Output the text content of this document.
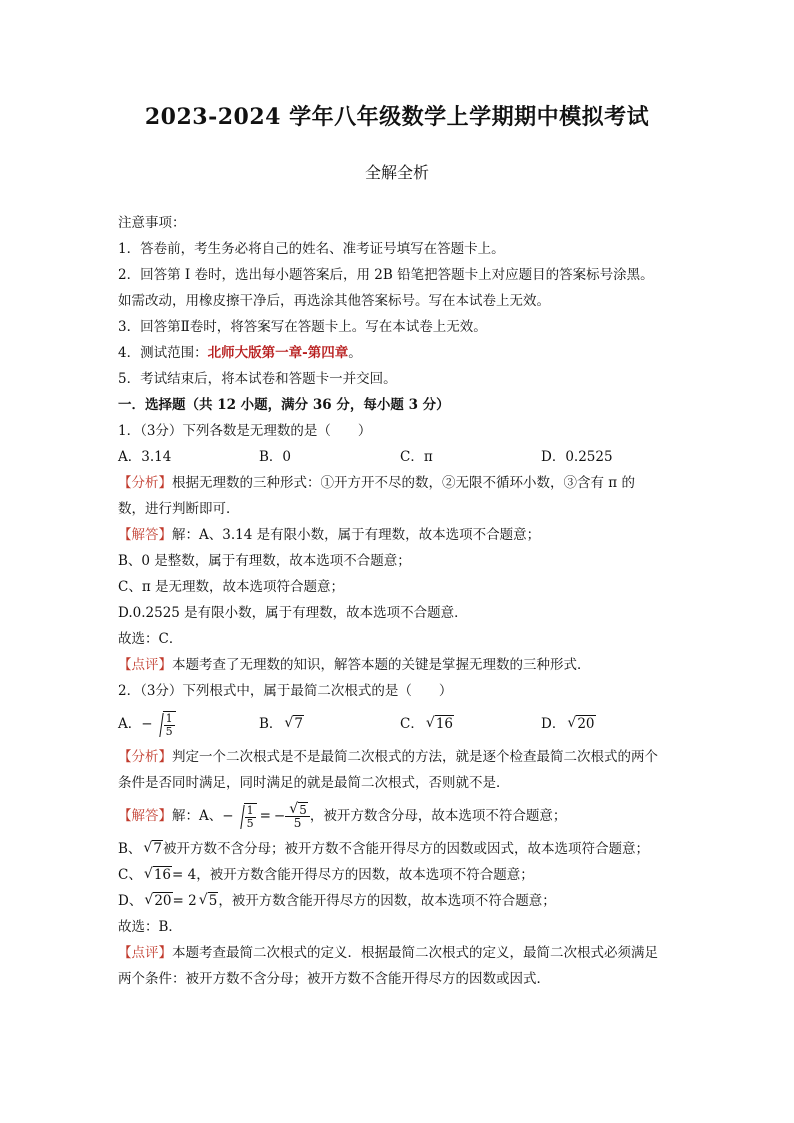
2023-2024 学年八年级数学上学期期中模拟考试
全解全析
注意事项：
1．答卷前，考生务必将自己的姓名、准考证号填写在答题卡上。
2．回答第 I 卷时，选出每小题答案后，用 2B 铅笔把答题卡上对应题目的答案标号涂黑。
如需改动，用橡皮擦干净后，再选涂其他答案标号。写在本试卷上无效。
3．回答第Ⅱ卷时，将答案写在答题卡上。写在本试卷上无效。
4．测试范围：北师大版第一章-第四章。
5．考试结束后，将本试卷和答题卡一并交回。
一．选择题（共 12 小题，满分 36 分，每小题 3 分）
1．（3分）下列各数是无理数的是（　　）
A．3.14	B．0	C．π	D．0.2525
【分析】根据无理数的三种形式：①开方开不尽的数，②无限不循环小数，③含有 π 的
数，进行判断即可．
【解答】解：A、3.14 是有限小数，属于有理数，故本选项不合题意；
B、0 是整数，属于有理数，故本选项不合题意；
C、π 是无理数，故本选项符合题意；
D.0.2525 是有限小数，属于有理数，故本选项不合题意．
故选：C．
【点评】本题考查了无理数的知识，解答本题的关键是掌握无理数的三种形式．
2．（3分）下列根式中，属于最简二次根式的是（　　）
A．− $\frac{1}{5}$	B． √ 7	C． √ 16	D． √ 20
【分析】判定一个二次根式是不是最简二次根式的方法，就是逐个检查最简二次根式的两个
条件是否同时满足，同时满足的就是最简二次根式，否则就不是．
【解答】 解：A、 − $\frac{1}{5}$ = − √ $\frac{5}{5}$ ，被开方数含分母，故本选项不符合题意；
B、 √ 7被开方数不含分母；被开方数不含能开得尽方的因数或因式，故本选项符合题意；
C、 √ 16= 4，被开方数含能开得尽方的因数，故本选项不符合题意；
D、 √ 20= 2 √ 5，被开方数含能开得尽方的因数，故本选项不符合题意；
故选：B．
【点评】本题考查最简二次根式的定义．根据最简二次根式的定义，最简二次根式必须满足
两个条件：被开方数不含分母；被开方数不含能开得尽方的因数或因式．
